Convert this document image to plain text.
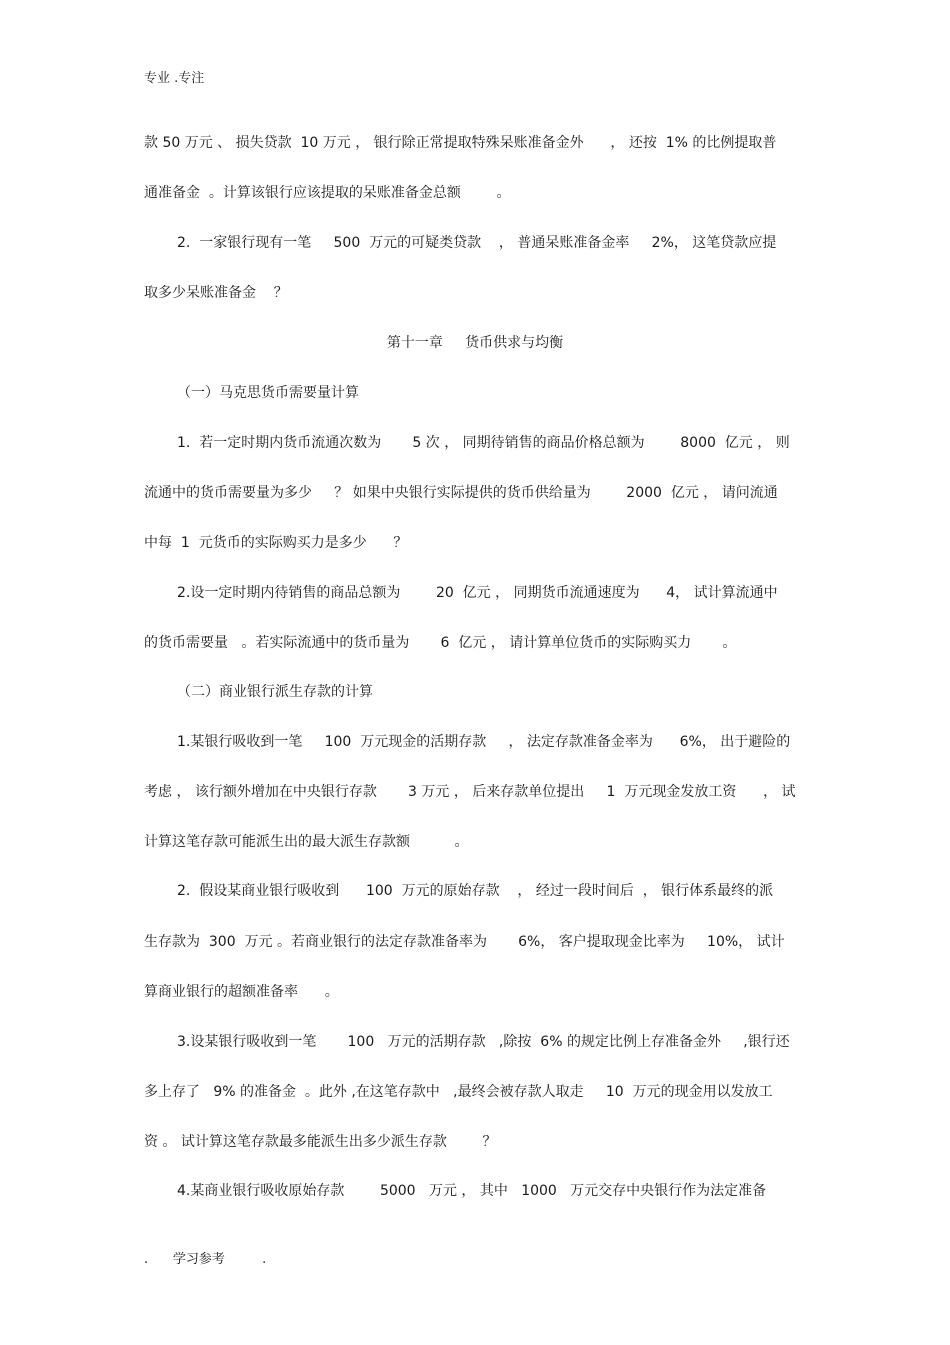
专业 .专注
款 50 万元 、 损失贷款  10 万元 ， 银行除正常提取特殊呆账准备金外      ， 还按  1% 的比例提取普
通准备金  。计算该银行应该提取的呆账准备金总额        。
2.  一家银行现有一笔     500  万元的可疑类贷款    ， 普通呆账准备金率     2%， 这笔贷款应提
取多少呆账准备金    ？
第十一章     货币供求与均衡
（一）马克思货币需要量计算
1.  若一定时期内货币流通次数为       5 次 ， 同期待销售的商品价格总额为        8000  亿元 ， 则
流通中的货币需要量为多少     ？ 如果中央银行实际提供的货币供给量为        2000  亿元 ， 请问流通
中每  1  元货币的实际购买力是多少      ？
2.设一定时期内待销售的商品总额为        20  亿元 ， 同期货币流通速度为      4， 试计算流通中
的货币需要量   。若实际流通中的货币量为       6  亿元 ， 请计算单位货币的实际购买力       。
（二）商业银行派生存款的计算
1.某银行吸收到一笔     100  万元现金的活期存款     ， 法定存款准备金率为      6%， 出于避险的
考虑 ， 该行额外增加在中央银行存款       3 万元 ， 后来存款单位提出     1  万元现金发放工资      ， 试
计算这笔存款可能派生出的最大派生存款额          。
2.  假设某商业银行吸收到      100  万元的原始存款    ， 经过一段时间后  ， 银行体系最终的派
生存款为  300  万元 。若商业银行的法定存款准备率为       6%， 客户提取现金比率为     10%， 试计
算商业银行的超额准备率      。
3.设某银行吸收到一笔       100   万元的活期存款   ,除按  6% 的规定比例上存准备金外     ,银行还
多上存了   9% 的准备金  。此外 ,在这笔存款中   ,最终会被存款人取走     10  万元的现金用以发放工
资 。 试计算这笔存款最多能派生出多少派生存款        ？
4.某商业银行吸收原始存款        5000   万元 ， 其中   1000   万元交存中央银行作为法定准备
.      学习参考         .
